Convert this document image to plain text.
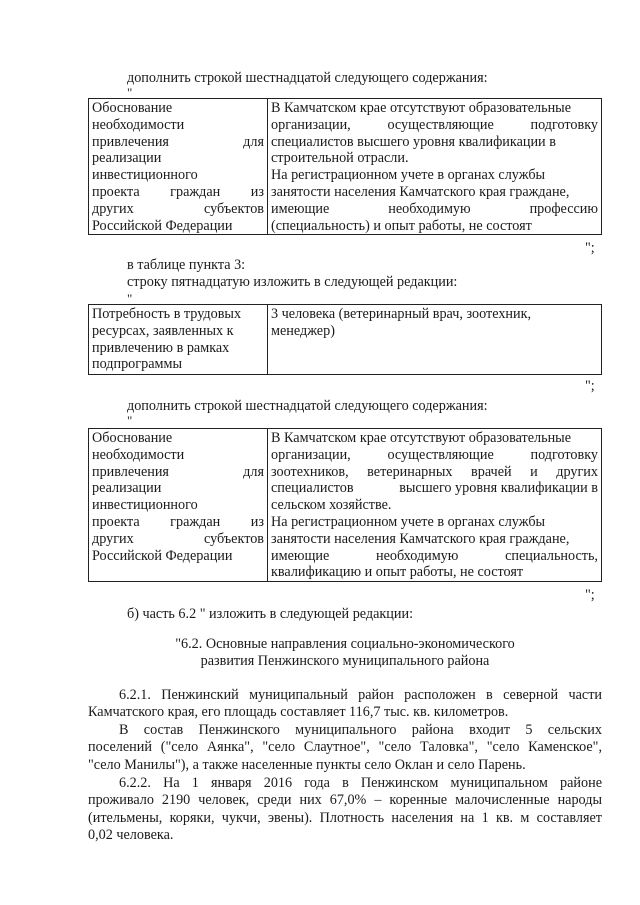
дополнить строкой шестнадцатой следующего содержания:
"
Обоснование
необходимости
привлечения	для
реализации
инвестиционного
проекта граждан из
других	субъектов
Российской Федерации

В Камчатском крае отсутствуют образовательные
организации,	осуществляющие	подготовку
специалистов высшего уровня квалификации в
строительной отрасли.
На регистрационном учете в органах службы
занятости населения Камчатского края граждане,
имеющие	необходимую	профессию
(специальность) и опыт работы, не состоят
";
в таблице пункта 3:
строку пятнадцатую изложить в следующей редакции:
"
Потребность в трудовых
ресурсах, заявленных к
привлечению в рамках
подпрограммы

3 человека (ветеринарный врач, зоотехник,
менеджер)
";
дополнить строкой шестнадцатой следующего содержания:
"
Обоснование
необходимости
привлечения	для
реализации
инвестиционного
проекта граждан из
других	субъектов
Российской Федерации

В Камчатском крае отсутствуют образовательные
организации,	осуществляющие	подготовку
зоотехников, ветеринарных врачей и других
специалистов	высшего уровня квалификации в
сельском хозяйстве.
На регистрационном учете в органах службы
занятости населения Камчатского края граждане,
имеющие	необходимую	специальность,
квалификацию и опыт работы, не состоят
";
б) часть 6.2 " изложить в следующей редакции:
"6.2. Основные направления социально-экономического
развития Пенжинского муниципального района
6.2.1. Пенжинский муниципальный район расположен в северной части
Камчатского края, его площадь составляет 116,7 тыс. кв. километров.
В состав Пенжинского муниципального района входит 5 сельских
поселений ("село Аянка", "село Слаутное", "село Таловка", "село Каменское",
"село Манилы"), а также населенные пункты село Оклан и село Парень.
6.2.2. На 1 января 2016 года в Пенжинском муниципальном районе
проживало 2190 человек, среди них 67,0% – коренные малочисленные народы
(ительмены, коряки, чукчи, эвены). Плотность населения на 1 кв. м составляет
0,02 человека.
